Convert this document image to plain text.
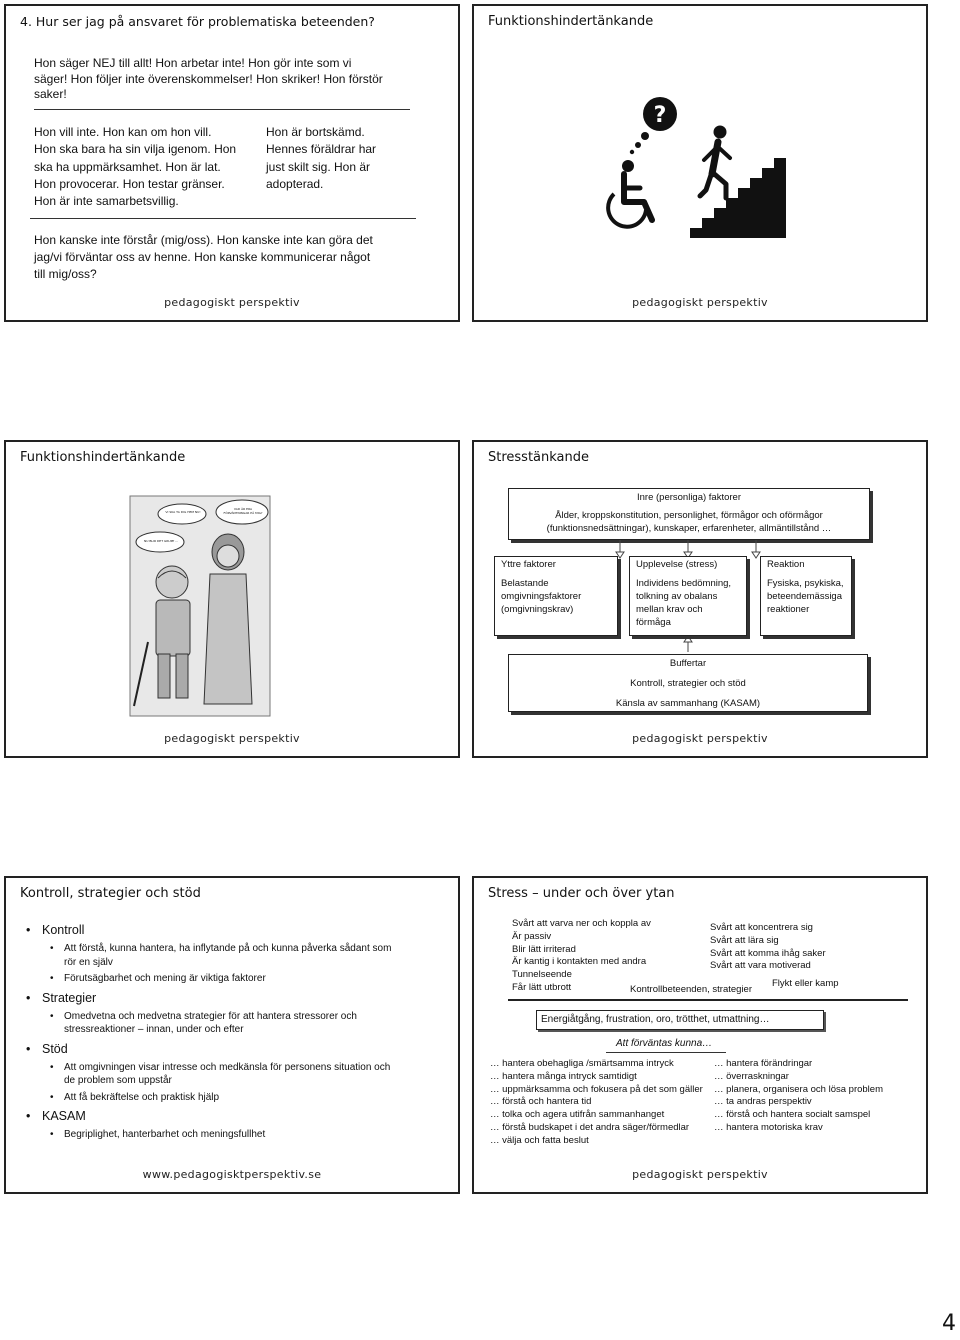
4. Hur ser jag på ansvaret för problematiska beteenden?
Hon säger NEJ till allt! Hon arbetar inte! Hon gör inte som vi säger! Hon följer inte överenskommelser! Hon skriker! Hon förstör saker!
Hon vill inte. Hon kan om hon vill.
Hon ska bara ha sin vilja igenom. Hon
ska ha uppmärksamhet. Hon är lat.
Hon provocerar. Hon testar gränser.
Hon är inte samarbetsvillig.
Hon är bortskämd.
Hennes föräldrar har
just skilt sig. Hon är
adopterad.
Hon kanske inte förstår (mig/oss). Hon kanske inte kan göra det
jag/vi förväntar oss av henne. Hon kanske kommunicerar något
till mig/oss?
pedagogiskt perspektiv
Funktionshindertänkande
?
pedagogiskt perspektiv
Funktionshindertänkande
VI SKA TA DIG HEM NU!
NU BLIR DET GRUPP ...
VAD ÄR ERA FÖRVÄNTNINGAR PÅ MIG?
pedagogiskt perspektiv
Stresstänkande
Inre (personliga) faktorer
Ålder, kroppskonstitution, personlighet, förmågor och oförmågor
(funktionsnedsättningar), kunskaper, erfarenheter, allmäntillstånd …
Yttre faktorer
Belastande
omgivningsfaktorer
(omgivningskrav)
Upplevelse (stress)
Individens bedömning,
tolkning av obalans
mellan krav och
förmåga
Reaktion
Fysiska, psykiska,
beteendemässiga
reaktioner
Buffertar
Kontroll, strategier och stöd
Känsla av sammanhang (KASAM)
pedagogiskt perspektiv
Kontroll, strategier och stöd
• Kontroll
• Att förstå, kunna hantera, ha inflytande på och kunna påverka sådant som rör en själv
• Förutsägbarhet och mening är viktiga faktorer
• Strategier
• Omedvetna och medvetna strategier för att hantera stressorer och stressreaktioner – innan, under och efter
• Stöd
• Att omgivningen visar intresse och medkänsla för personens situation och de problem som uppstår
• Att få bekräftelse och praktisk hjälp
• KASAM
• Begriplighet, hanterbarhet och meningsfullhet
www.pedagogisktperspektiv.se
Stress – under och över ytan
Svårt att varva ner och koppla av
Är passiv
Blir lätt irriterad
Är kantig i kontakten med andra
Tunnelseende
Får lätt utbrott	Kontrollbeteenden, strategier
Svårt att koncentrera sig
Svårt att lära sig
Svårt att komma ihåg saker
Svårt att vara motiverad
Flykt eller kamp
Energiåtgång, frustration, oro, trötthet, utmattning…
Att förväntas kunna…
… hantera obehagliga /smärtsamma intryck
… hantera många intryck samtidigt
… uppmärksamma och fokusera på det som gäller
… förstå och hantera tid
… tolka och agera utifrån sammanhanget
… förstå budskapet i det andra säger/förmedlar
… välja och fatta beslut
… hantera förändringar
… överraskningar
… planera, organisera och lösa problem
… ta andras perspektiv
… förstå och hantera socialt samspel
… hantera motoriska krav
pedagogiskt perspektiv
4
